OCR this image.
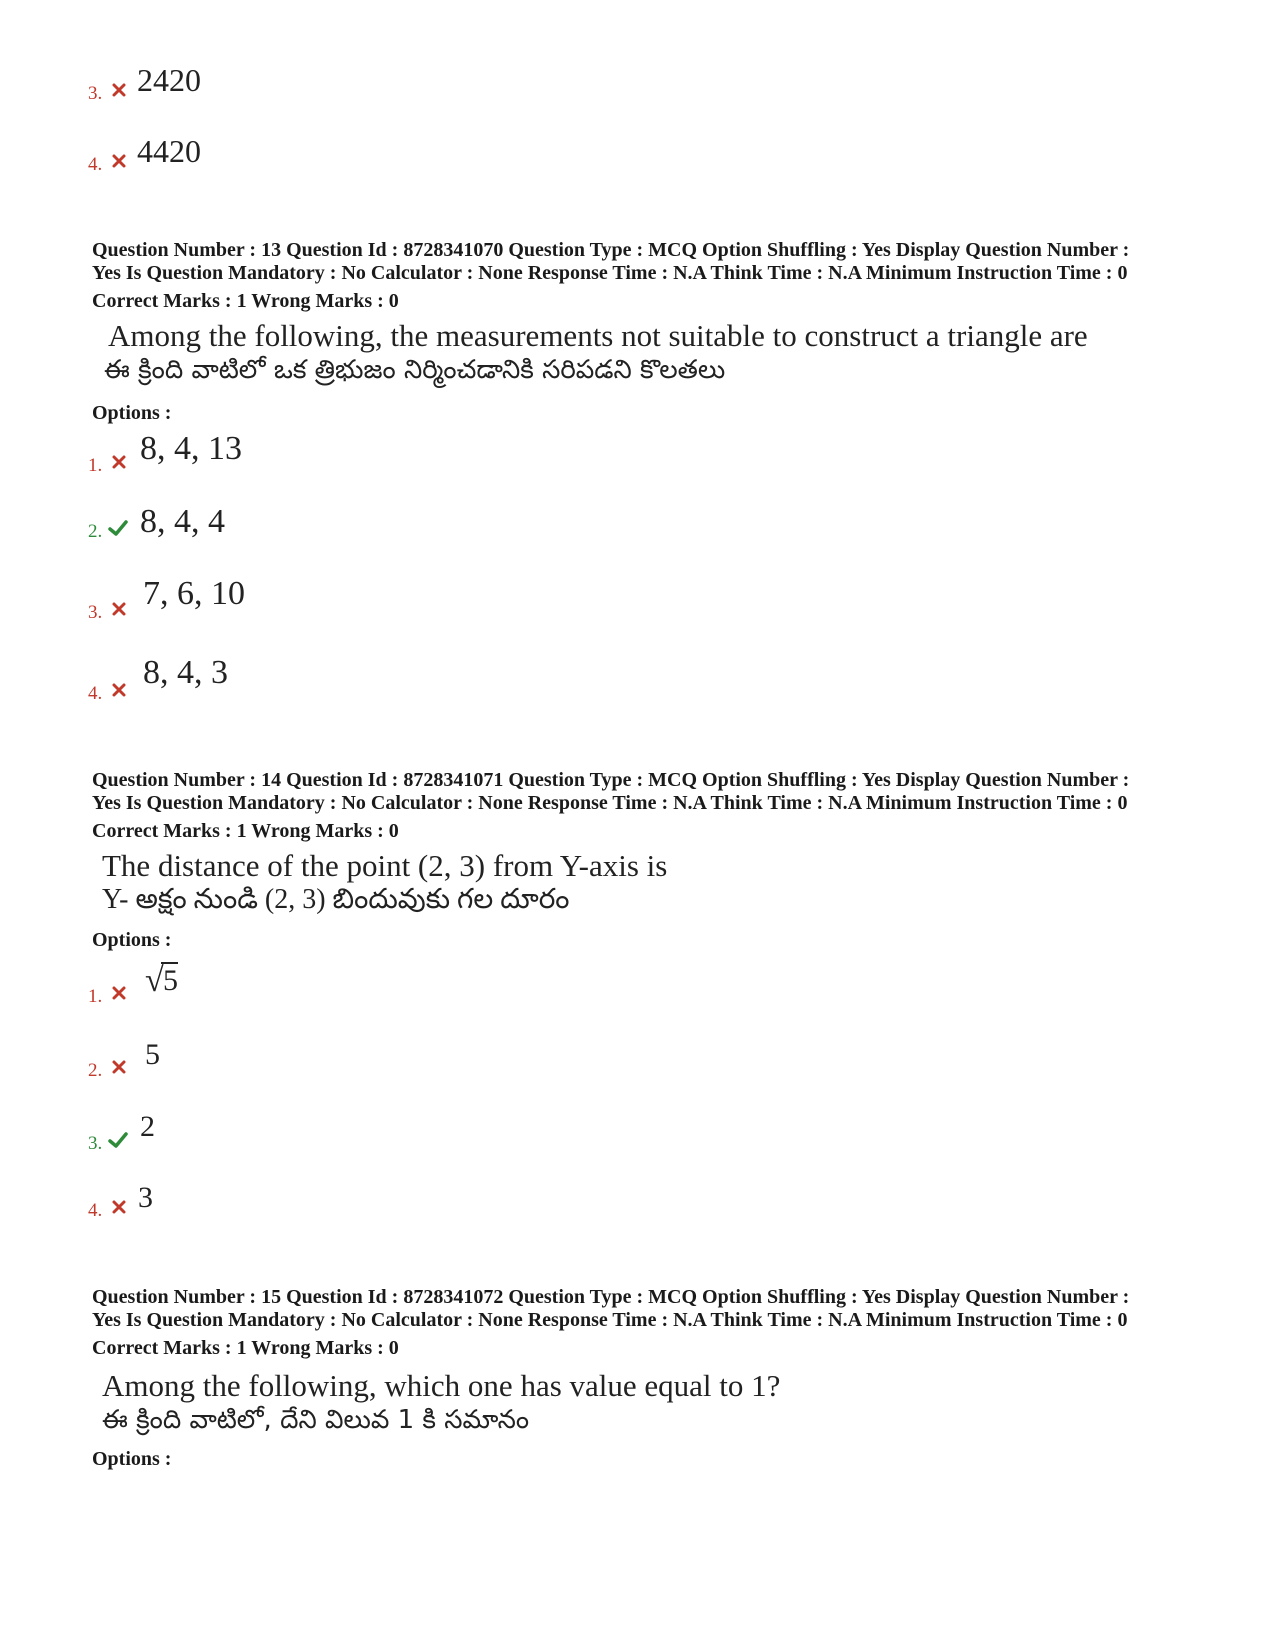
3. 2420
4. 4420
Question Number : 13 Question Id : 8728341070 Question Type : MCQ Option Shuffling : Yes Display Question Number :
Yes Is Question Mandatory : No Calculator : None Response Time : N.A Think Time : N.A Minimum Instruction Time : 0
Correct Marks : 1 Wrong Marks : 0
Among the following, the measurements not suitable to construct a triangle are
ఈ క్రింది వాటిలో ఒక త్రిభుజం నిర్మించడానికి సరిపడని కొలతలు
Options :
1. 8, 4, 13
2. 8, 4, 4
3.
7, 6, 10
4.
8, 4, 3
Question Number : 14 Question Id : 8728341071 Question Type : MCQ Option Shuffling : Yes Display Question Number :
Yes Is Question Mandatory : No Calculator : None Response Time : N.A Think Time : N.A Minimum Instruction Time : 0
Correct Marks : 1 Wrong Marks : 0
The distance of the point (2, 3) from Y-axis is
Y- అక్షం నుండి (2, 3) బిందువుకు గల దూరం
Options :
1. √ 5
2. 5
3.
2
4. 3
Question Number : 15 Question Id : 8728341072 Question Type : MCQ Option Shuffling : Yes Display Question Number :
Yes Is Question Mandatory : No Calculator : None Response Time : N.A Think Time : N.A Minimum Instruction Time : 0
Correct Marks : 1 Wrong Marks : 0
Among the following, which one has value equal to 1?
ఈ క్రింది వాటిలో, దేని విలువ 1 కి సమానం
Options :
